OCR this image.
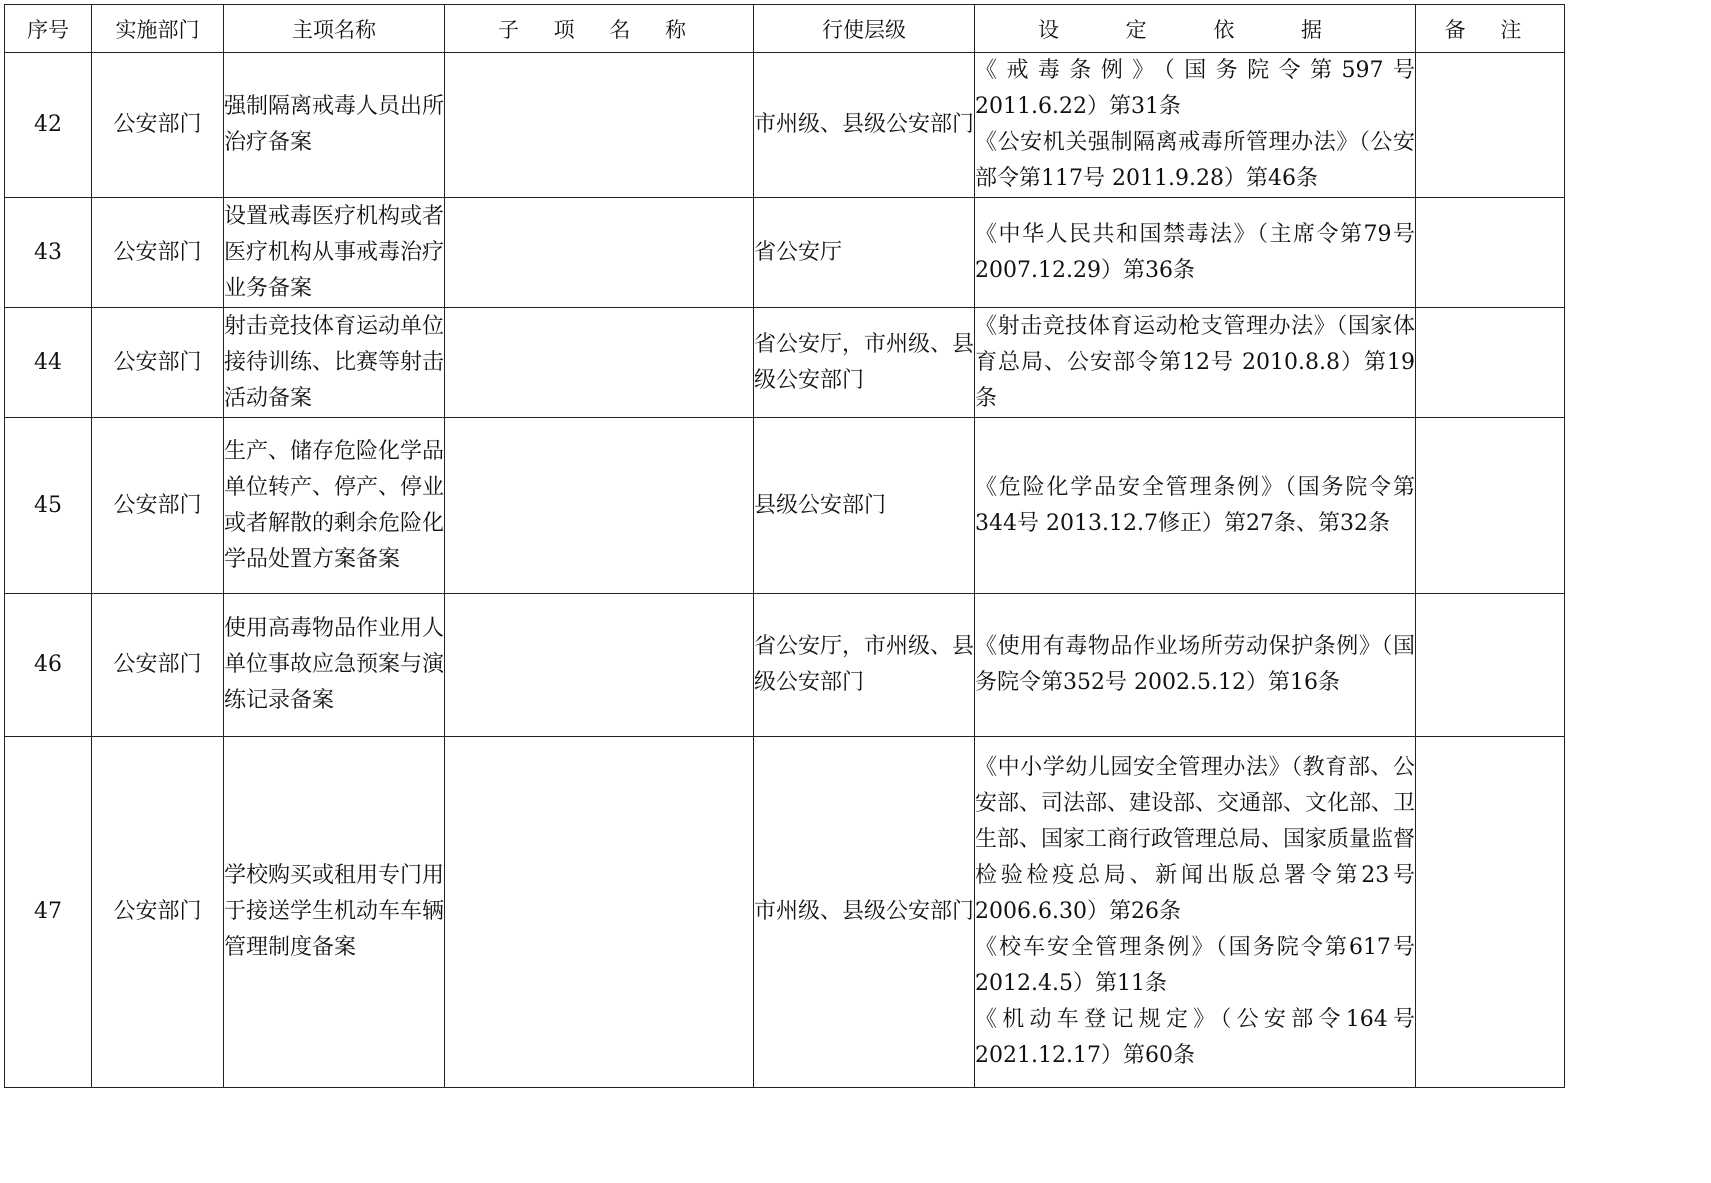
序号	实施部门	主项名称	子 项 名 称	行使层级	设 定 依 据	备 注
42	公安部门	强制隔离戒毒人员出所治疗备案		市州级、县级公安部门	《戒毒条例》（国务院令第597号 2011.6.22）第31条
《公安机关强制隔离戒毒所管理办法》（公安部令第117号 2011.9.28）第46条	

43	公安部门	设置戒毒医疗机构或者医疗机构从事戒毒治疗业务备案		省公安厅	《中华人民共和国禁毒法》（主席令第79号 2007.12.29）第36条	

44	公安部门	射击竞技体育运动单位接待训练、比赛等射击活动备案		省公安厅，市州级、县级公安部门	《射击竞技体育运动枪支管理办法》（国家体育总局、公安部令第12号 2010.8.8）第19条	

45	公安部门	生产、储存危险化学品单位转产、停产、停业或者解散的剩余危险化学品处置方案备案		县级公安部门	《危险化学品安全管理条例》（国务院令第344号 2013.12.7修正）第27条、第32条	

46	公安部门	使用高毒物品作业用人单位事故应急预案与演练记录备案		省公安厅，市州级、县级公安部门	《使用有毒物品作业场所劳动保护条例》（国务院令第352号 2002.5.12）第16条	

47	公安部门	学校购买或租用专门用于接送学生机动车车辆管理制度备案		市州级、县级公安部门	《中小学幼儿园安全管理办法》（教育部、公安部、司法部、建设部、交通部、文化部、卫生部、国家工商行政管理总局、国家质量监督检验检疫总局、新闻出版总署令第23号 2006.6.30）第26条
《校车安全管理条例》（国务院令第617号 2012.4.5）第11条
《机动车登记规定》（公安部令164号 2021.12.17）第60条	
